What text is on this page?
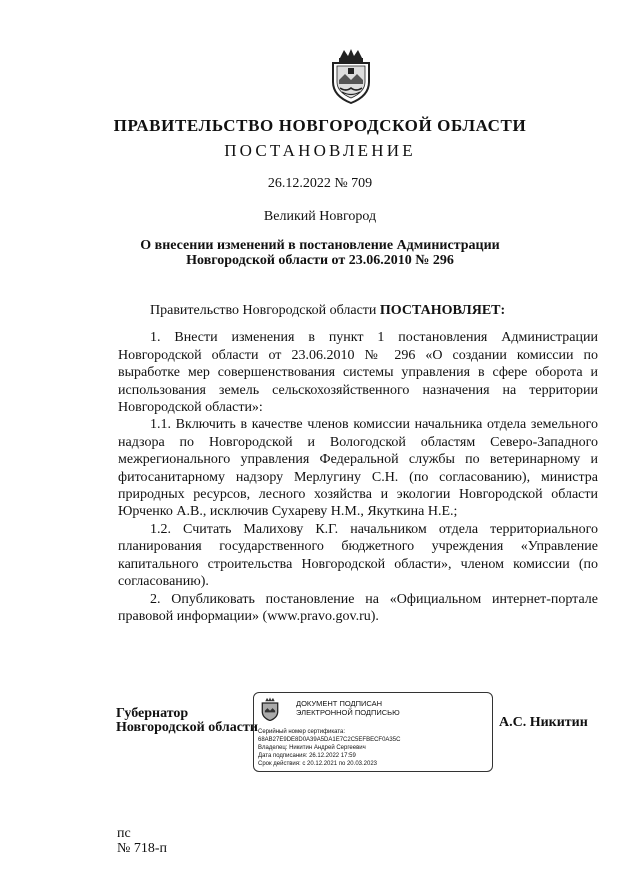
ПРАВИТЕЛЬСТВО НОВГОРОДСКОЙ ОБЛАСТИ
ПОСТАНОВЛЕНИЕ
26.12.2022 № 709
Великий Новгород
О внесении изменений в постановление Администрации
Новгородской области от 23.06.2010 № 296

Правительство Новгородской области ПОСТАНОВЛЯЕТ:

1. Внести изменения в пункт 1 постановления Администрации Новгородской области от 23.06.2010 № 296 «О создании комиссии по выработке мер совершенствования системы управления в сфере оборота и использования земель сельскохозяйственного назначения на территории Новгородской области»:

1.1. Включить в качестве членов комиссии начальника отдела земельного надзора по Новгородской и Вологодской областям Северо-Западного межрегионального управления Федеральной службы по ветеринарному и фитосанитарному надзору Мерлугину С.Н. (по согласованию), министра природных ресурсов, лесного хозяйства и экологии Новгородской области Юрченко А.В., исключив Сухареву Н.М., Якуткина Н.Е.;

1.2. Считать Малихову К.Г. начальником отдела территориального планирования государственного бюджетного учреждения «Управление капитального строительства Новгородской области», членом комиссии (по согласованию).

2. Опубликовать постановление на «Официальном интернет-портале правовой информации» (www.pravo.gov.ru).

Губернатор
Новгородской области
ДОКУМЕНТ ПОДПИСАН
ЭЛЕКТРОННОЙ ПОДПИСЬЮ
Серийный номер сертификата:
68AB27E9DE8D0A39A5DA1E7C2C5EFBECF0A35C
Владелец: Никитин Андрей Сергеевич
Дата подписания: 26.12.2022 17:59
Срок действия: с 20.12.2021 по 20.03.2023
А.С. Никитин
пс
№ 718-п
